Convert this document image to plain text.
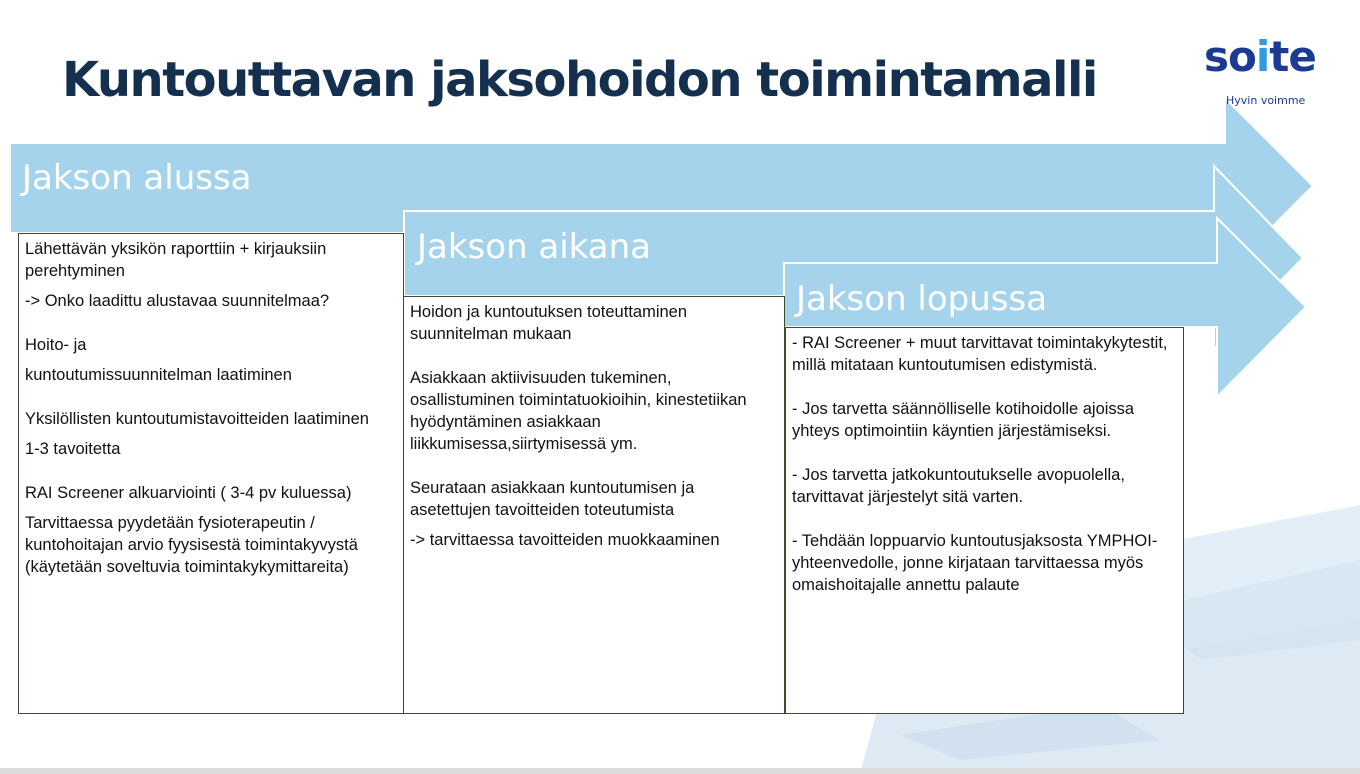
Kuntouttavan jaksohoidon toimintamalli	soite
Hyvin voimme
Jakson alussa
Jakson aikana
Jakson lopussa

Lähettävän yksikön raporttiin + kirjauksiin perehtyminen

-> Onko laadittu alustavaa suunnitelmaa?

Hoito- ja

kuntoutumissuunnitelman laatiminen

Yksilöllisten kuntoutumistavoitteiden laatiminen

1-3 tavoitetta

RAI Screener alkuarviointi ( 3-4 pv kuluessa)

Tarvittaessa pyydetään fysioterapeutin / kuntohoitajan arvio fyysisestä toimintakyvystä (käytetään soveltuvia toimintakykymittareita)

Hoidon ja kuntoutuksen toteuttaminen suunnitelman mukaan

Asiakkaan aktiivisuuden tukeminen, osallistuminen toimintatuokioihin, kinestetiikan hyödyntäminen asiakkaan liikkumisessa,siirtymisessä ym.

Seurataan asiakkaan kuntoutumisen ja asetettujen tavoitteiden toteutumista

-> tarvittaessa tavoitteiden muokkaaminen

- RAI Screener + muut tarvittavat toimintakykytestit, millä mitataan kuntoutumisen edistymistä.

- Jos tarvetta säännölliselle kotihoidolle ajoissa yhteys optimointiin käyntien järjestämiseksi.

- Jos tarvetta jatkokuntoutukselle avopuolella, tarvittavat järjestelyt sitä varten.

- Tehdään loppuarvio kuntoutusjaksosta YMPHOI-yhteenvedolle, jonne kirjataan tarvittaessa myös omaishoitajalle annettu palaute
